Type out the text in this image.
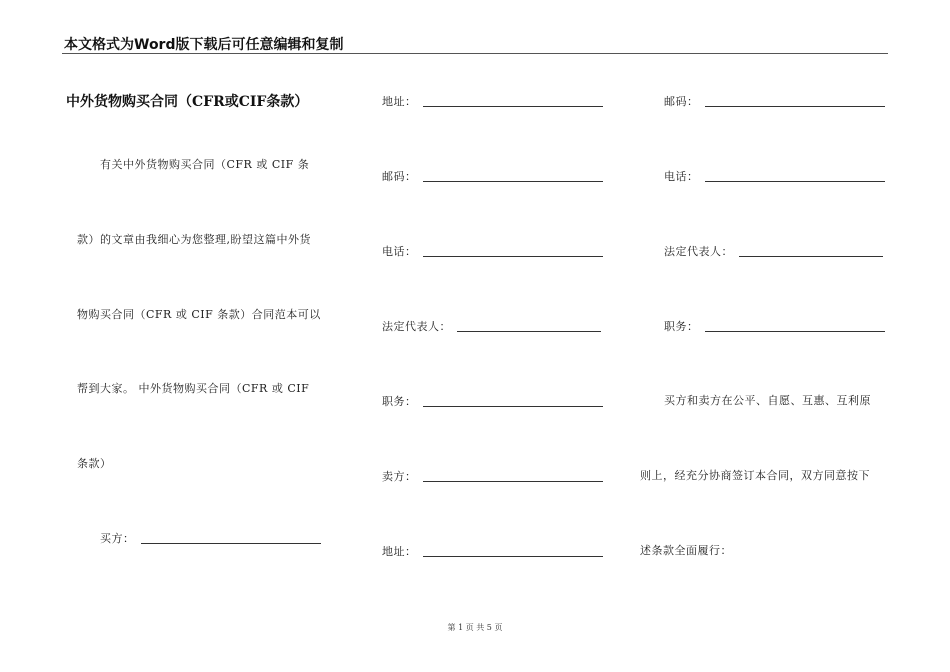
本文格式为Word版下载后可任意编辑和复制
中外货物购买合同（CFR或CIF条款）
有关中外货物购买合同（CFR 或 CIF 条
款）的文章由我细心为您整理,盼望这篇中外货
物购买合同（CFR 或 CIF 条款）合同范本可以
帮到大家。 中外货物购买合同（CFR 或 CIF
条款）
买方：
地址：
邮码：
电话：
法定代表人：
职务：
卖方：
地址：
邮码：
电话：
法定代表人：
职务：
买方和卖方在公平、自愿、互惠、互利原
则上，经充分协商签订本合同，双方同意按下
述条款全面履行：
第 1 页 共 5 页
